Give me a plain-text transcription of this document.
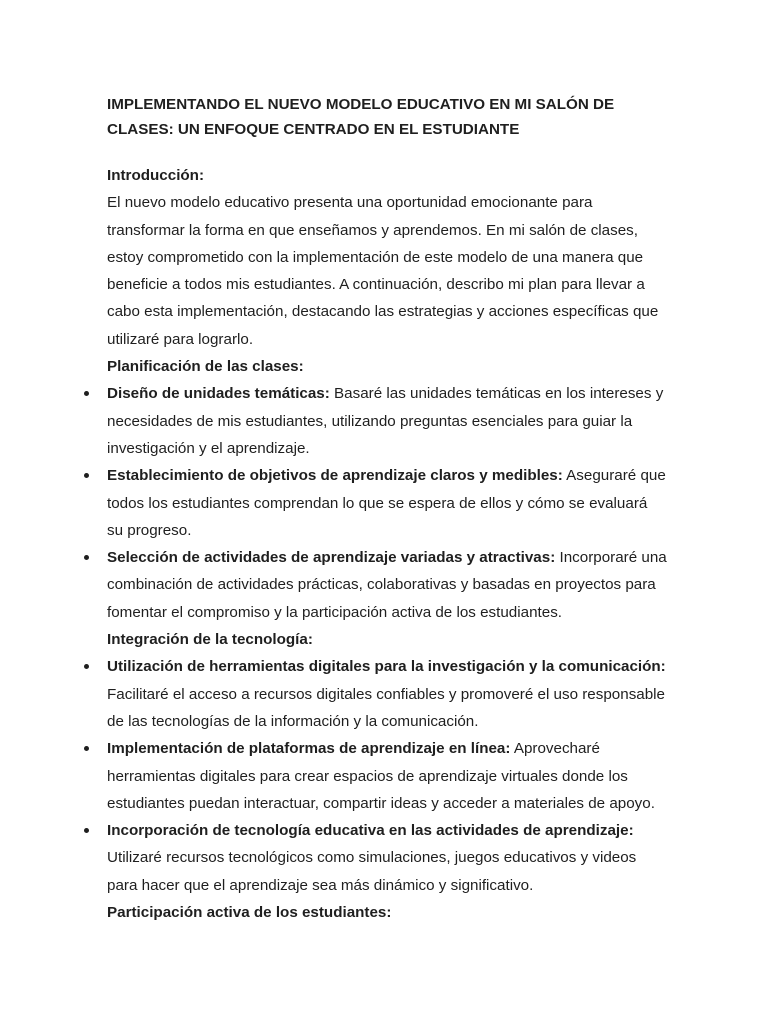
IMPLEMENTANDO EL NUEVO MODELO EDUCATIVO EN MI SALÓN DE CLASES: UN ENFOQUE CENTRADO EN EL ESTUDIANTE

Introducción:

El nuevo modelo educativo presenta una oportunidad emocionante para transformar la forma en que enseñamos y aprendemos. En mi salón de clases, estoy comprometido con la implementación de este modelo de una manera que beneficie a todos mis estudiantes. A continuación, describo mi plan para llevar a cabo esta implementación, destacando las estrategias y acciones específicas que utilizaré para lograrlo.

Planificación de las clases:

Diseño de unidades temáticas: Basaré las unidades temáticas en los intereses y necesidades de mis estudiantes, utilizando preguntas esenciales para guiar la investigación y el aprendizaje.
Establecimiento de objetivos de aprendizaje claros y medibles: Aseguraré que todos los estudiantes comprendan lo que se espera de ellos y cómo se evaluará su progreso.
Selección de actividades de aprendizaje variadas y atractivas: Incorporaré una combinación de actividades prácticas, colaborativas y basadas en proyectos para fomentar el compromiso y la participación activa de los estudiantes.

Integración de la tecnología:

Utilización de herramientas digitales para la investigación y la comunicación: Facilitaré el acceso a recursos digitales confiables y promoveré el uso responsable de las tecnologías de la información y la comunicación.
Implementación de plataformas de aprendizaje en línea: Aprovecharé herramientas digitales para crear espacios de aprendizaje virtuales donde los estudiantes puedan interactuar, compartir ideas y acceder a materiales de apoyo.
Incorporación de tecnología educativa en las actividades de aprendizaje: Utilizaré recursos tecnológicos como simulaciones, juegos educativos y videos para hacer que el aprendizaje sea más dinámico y significativo.

Participación activa de los estudiantes:
